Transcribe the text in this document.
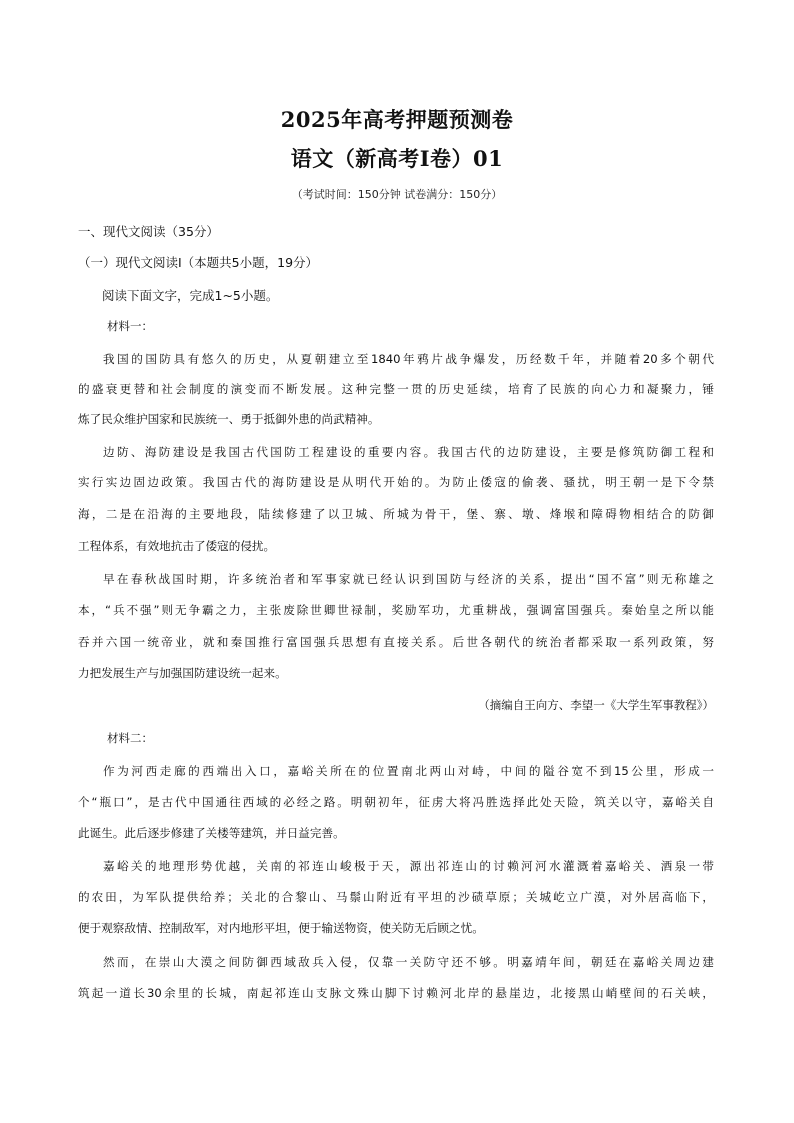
2025年高考押题预测卷
语文（新高考Ⅰ卷）01
（考试时间：150分钟 试卷满分：150分）
一、现代文阅读（35分）
（一）现代文阅读Ⅰ（本题共5小题，19分）
阅读下面文字，完成1~5小题。
材料一：
我国的国防具有悠久的历史，从夏朝建立至1840年鸦片战争爆发，历经数千年，并随着20多个朝代
的盛衰更替和社会制度的演变而不断发展。这种完整一贯的历史延续，培育了民族的向心力和凝聚力，锤
炼了民众维护国家和民族统一、勇于抵御外患的尚武精神。
边防、海防建设是我国古代国防工程建设的重要内容。我国古代的边防建设，主要是修筑防御工程和
实行实边固边政策。我国古代的海防建设是从明代开始的。为防止倭寇的偷袭、骚扰，明王朝一是下令禁
海，二是在沿海的主要地段，陆续修建了以卫城、所城为骨干，堡、寨、墩、烽堠和障碍物相结合的防御
工程体系，有效地抗击了倭寇的侵扰。
早在春秋战国时期，许多统治者和军事家就已经认识到国防与经济的关系，提出“国不富”则无称雄之
本，“兵不强”则无争霸之力，主张废除世卿世禄制，奖励军功，尤重耕战，强调富国强兵。秦始皇之所以能
吞并六国一统帝业，就和秦国推行富国强兵思想有直接关系。后世各朝代的统治者都采取一系列政策，努
力把发展生产与加强国防建设统一起来。
（摘编自王向方、李望一《大学生军事教程》）
材料二：
作为河西走廊的西端出入口，嘉峪关所在的位置南北两山对峙，中间的隘谷宽不到15公里，形成一
个“瓶口”，是古代中国通往西域的必经之路。明朝初年，征虏大将冯胜选择此处天险，筑关以守，嘉峪关自
此诞生。此后逐步修建了关楼等建筑，并日益完善。
嘉峪关的地理形势优越，关南的祁连山峻极于天，源出祁连山的讨赖河河水灌溉着嘉峪关、酒泉一带
的农田，为军队提供给养；关北的合黎山、马鬃山附近有平坦的沙碛草原；关城屹立广漠，对外居高临下，
便于观察敌情、控制敌军，对内地形平坦，便于输送物资，使关防无后顾之忧。
然而，在崇山大漠之间防御西域敌兵入侵，仅靠一关防守还不够。明嘉靖年间，朝廷在嘉峪关周边建
筑起一道长30余里的长城，南起祁连山支脉文殊山脚下讨赖河北岸的悬崖边，北接黑山峭壁间的石关峡，
